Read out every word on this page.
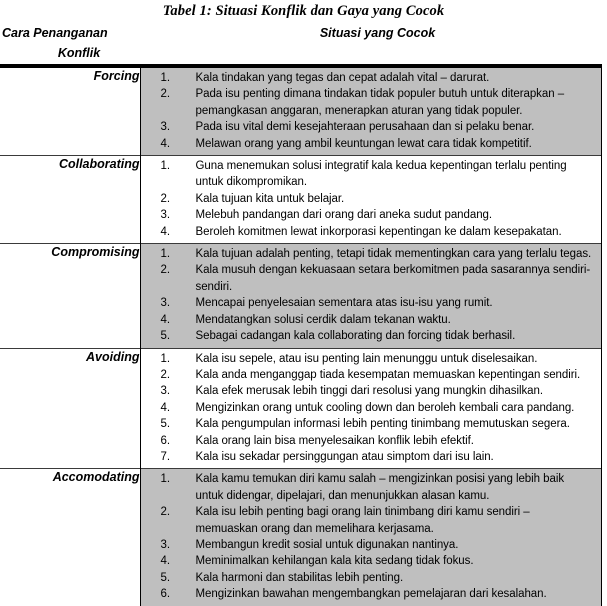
Tabel 1: Situasi Konflik dan Gaya yang Cocok
Cara Penanganan
Konflik
Situasi yang Cocok
Forcing	Kala tindakan yang tegas dan cepat adalah vital – darurat.
Pada isu penting dimana tindakan tidak populer butuh untuk diterapkan – pemangkasan anggaran, menerapkan aturan yang tidak populer.
Pada isu vital demi kesejahteraan perusahaan dan si pelaku benar.
Melawan orang yang ambil keuntungan lewat cara tidak kompetitif.

Collaborating	Guna menemukan solusi integratif kala kedua kepentingan terlalu penting untuk dikompromikan.
Kala tujuan kita untuk belajar.
Melebuh pandangan dari orang dari aneka sudut pandang.
Beroleh komitmen lewat inkorporasi kepentingan ke dalam kesepakatan.

Compromising	Kala tujuan adalah penting, tetapi tidak mementingkan cara yang terlalu tegas.
Kala musuh dengan kekuasaan setara berkomitmen pada sasarannya sendiri-sendiri.
Mencapai penyelesaian sementara atas isu-isu yang rumit.
Mendatangkan solusi cerdik dalam tekanan waktu.
Sebagai cadangan kala collaborating dan forcing tidak berhasil.

Avoiding	Kala isu sepele, atau isu penting lain menunggu untuk diselesaikan.
Kala anda menganggap tiada kesempatan memuaskan kepentingan sendiri.
Kala efek merusak lebih tinggi dari resolusi yang mungkin dihasilkan.
Mengizinkan orang untuk cooling down dan beroleh kembali cara pandang.
Kala pengumpulan informasi lebih penting tinimbang memutuskan segera.
Kala orang lain bisa menyelesaikan konflik lebih efektif.
Kala isu sekadar persinggungan atau simptom dari isu lain.

Accomodating	Kala kamu temukan diri kamu salah – mengizinkan posisi yang lebih baik untuk didengar, dipelajari, dan menunjukkan alasan kamu.
Kala isu lebih penting bagi orang lain tinimbang diri kamu sendiri – memuaskan orang dan memelihara kerjasama.
Membangun kredit sosial untuk digunakan nantinya.
Meminimalkan kehilangan kala kita sedang tidak fokus.
Kala harmoni dan stabilitas lebih penting.
Mengizinkan bawahan mengembangkan pemelajaran dari kesalahan.
